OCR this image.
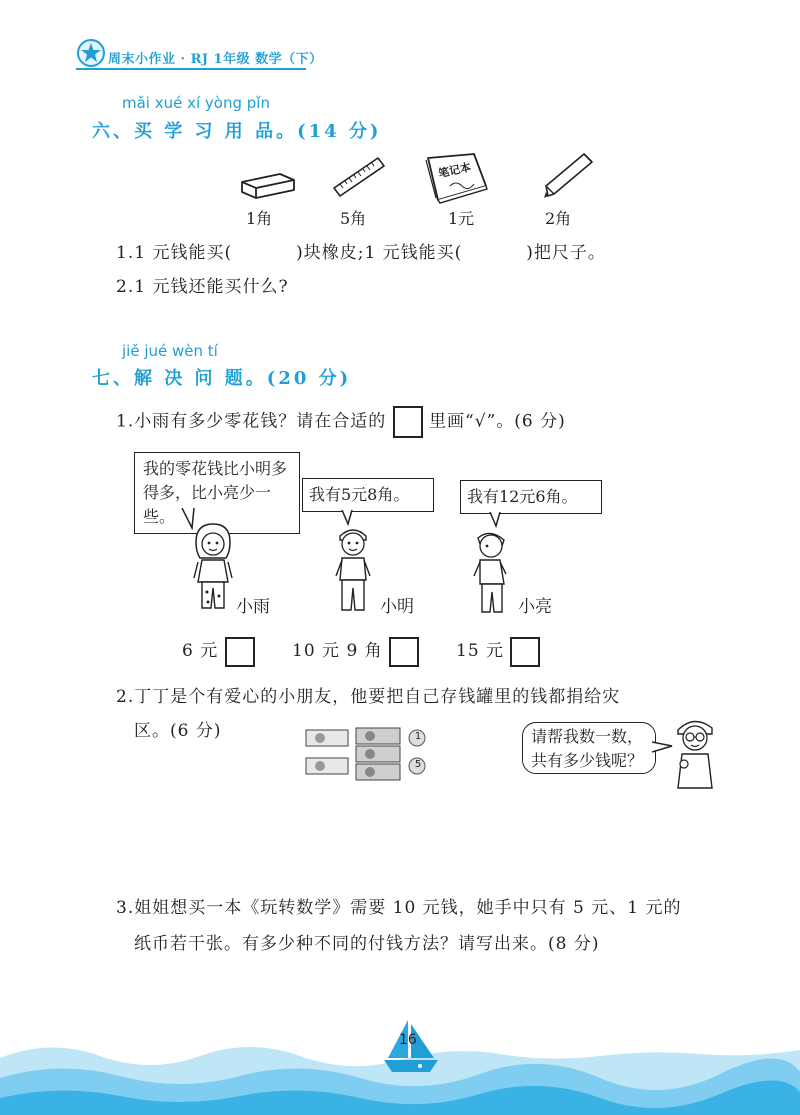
周末小作业 · RJ 1年级 数学（下）
mǎi xué xí yòng pǐn
六、买 学 习 用 品。(14 分)
笔记本
1角	5角	1元	2角
1.1 元钱能买(	)块橡皮;1 元钱能买(	)把尺子。
2.1 元钱还能买什么?
jiě jué wèn tí
七、解 决 问 题。(20 分)
1.小雨有多少零花钱？请在合适的	里画“√”。(6 分)
我的零花钱比小明多得多，比小亮少一些。
我有5元8角。	我有12元6角。
小雨	小明	小亮
6 元	10 元 9 角	15 元
2.丁丁是个有爱心的小朋友，他要把自己存钱罐里的钱都捐给灾
区。(6 分)	1
5
请帮我数一数，共有多少钱呢？
3.姐姐想买一本《玩转数学》需要 10 元钱，她手中只有 5 元、1 元的
纸币若干张。有多少种不同的付钱方法？请写出来。(8 分)
16
